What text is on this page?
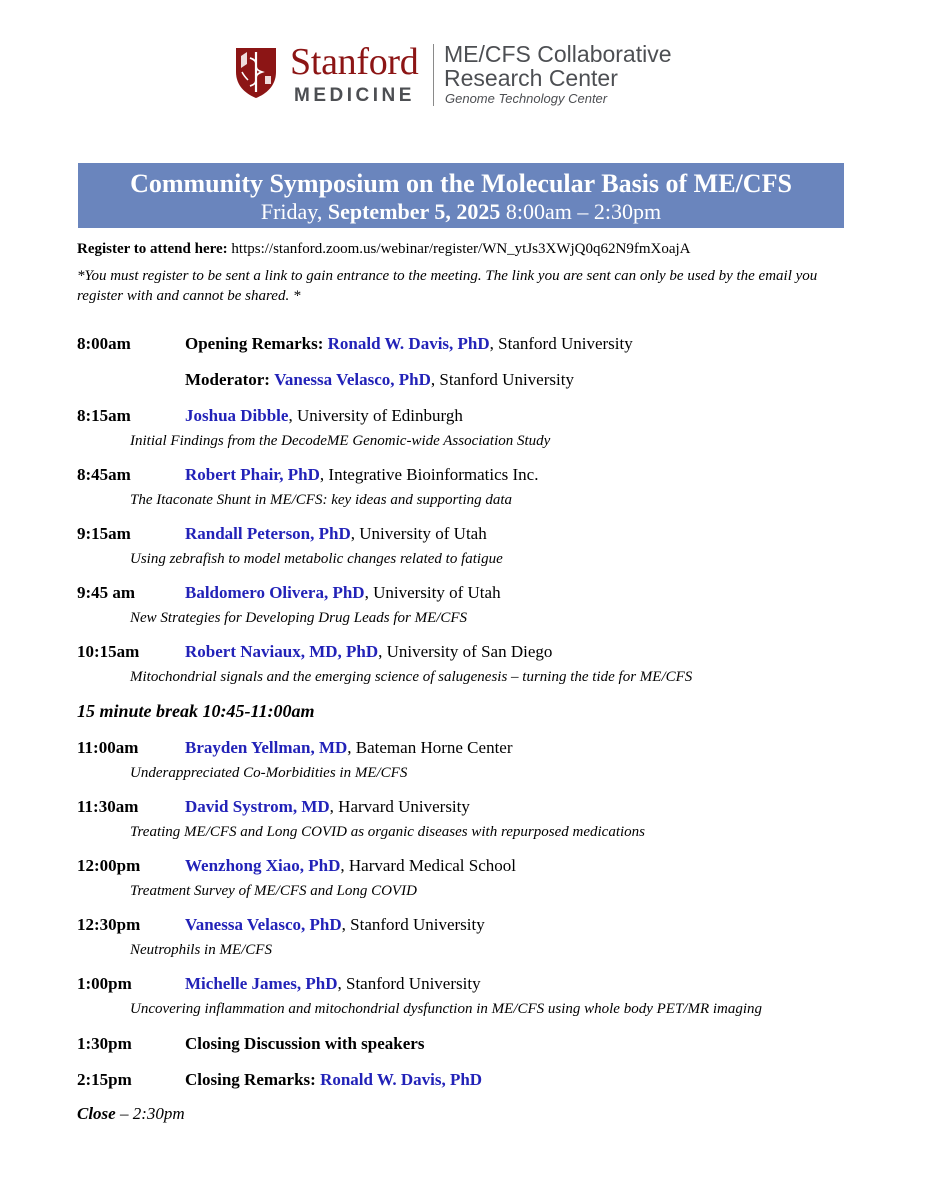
Stanford
MEDICINE
ME/CFS Collaborative
Research Center
Genome Technology Center
Community Symposium on the Molecular Basis of ME/CFS
Friday, September 5, 2025 8:00am – 2:30pm
Register to attend here: https://stanford.zoom.us/webinar/register/WN_ytJs3XWjQ0q62N9fmXoajA
*You must register to be sent a link to gain entrance to the meeting. The link you are sent can only be used by the email you register with and cannot be shared. *
8:00am	Opening Remarks: Ronald W. Davis, PhD, Stanford University
Moderator: Vanessa Velasco, PhD, Stanford University
8:15am	Joshua Dibble, University of Edinburgh
Initial Findings from the DecodeME Genomic-wide Association Study
8:45am	Robert Phair, PhD, Integrative Bioinformatics Inc.
The Itaconate Shunt in ME/CFS: key ideas and supporting data
9:15am	Randall Peterson, PhD, University of Utah
Using zebrafish to model metabolic changes related to fatigue
9:45 am	Baldomero Olivera, PhD, University of Utah
New Strategies for Developing Drug Leads for ME/CFS
10:15am	Robert Naviaux, MD, PhD, University of San Diego
Mitochondrial signals and the emerging science of salugenesis – turning the tide for ME/CFS
15 minute break 10:45-11:00am
11:00am	Brayden Yellman, MD, Bateman Horne Center
Underappreciated Co-Morbidities in ME/CFS
11:30am	David Systrom, MD, Harvard University
Treating ME/CFS and Long COVID as organic diseases with repurposed medications
12:00pm	Wenzhong Xiao, PhD, Harvard Medical School
Treatment Survey of ME/CFS and Long COVID
12:30pm	Vanessa Velasco, PhD, Stanford University
Neutrophils in ME/CFS
1:00pm	Michelle James, PhD, Stanford University
Uncovering inflammation and mitochondrial dysfunction in ME/CFS using whole body PET/MR imaging
1:30pm	Closing Discussion with speakers
2:15pm	Closing Remarks: Ronald W. Davis, PhD
Close – 2:30pm
